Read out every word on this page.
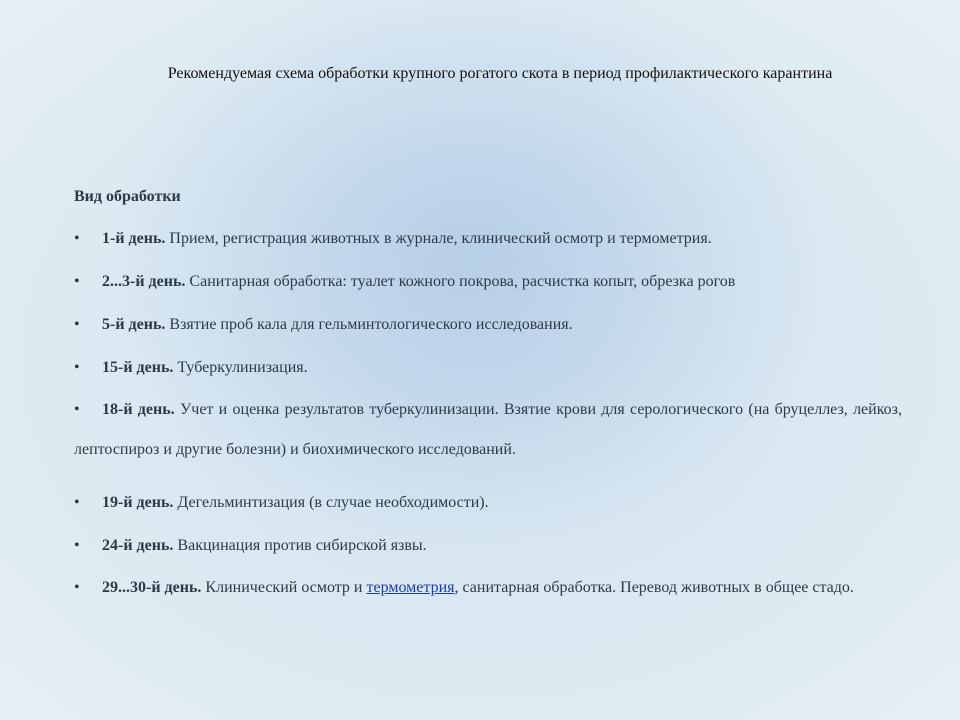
Рекомендуемая схема обработки крупного рогатого скота в период профилактического карантина
Вид обработки
• 1-й день. Прием, регистрация животных в журнале, клинический осмотр и термометрия.
• 2...3-й день. Санитарная обработка: туалет кожного покрова, расчистка копыт, обрезка рогов
• 5-й день. Взятие проб кала для гельминтологического исследования.
• 15-й день. Туберкулинизация.
• 18-й день. Учет и оценка результатов туберкулинизации. Взятие крови для серологического (на бруцеллез, лейкоз, лептоспироз и другие болезни) и биохимического исследований.
• 19-й день. Дегельминтизация (в случае необходимости).
• 24-й день. Вакцинация против сибирской язвы.
• 29...30-й день. Клинический осмотр и термометрия, санитарная обработка. Перевод животных в общее стадо.
